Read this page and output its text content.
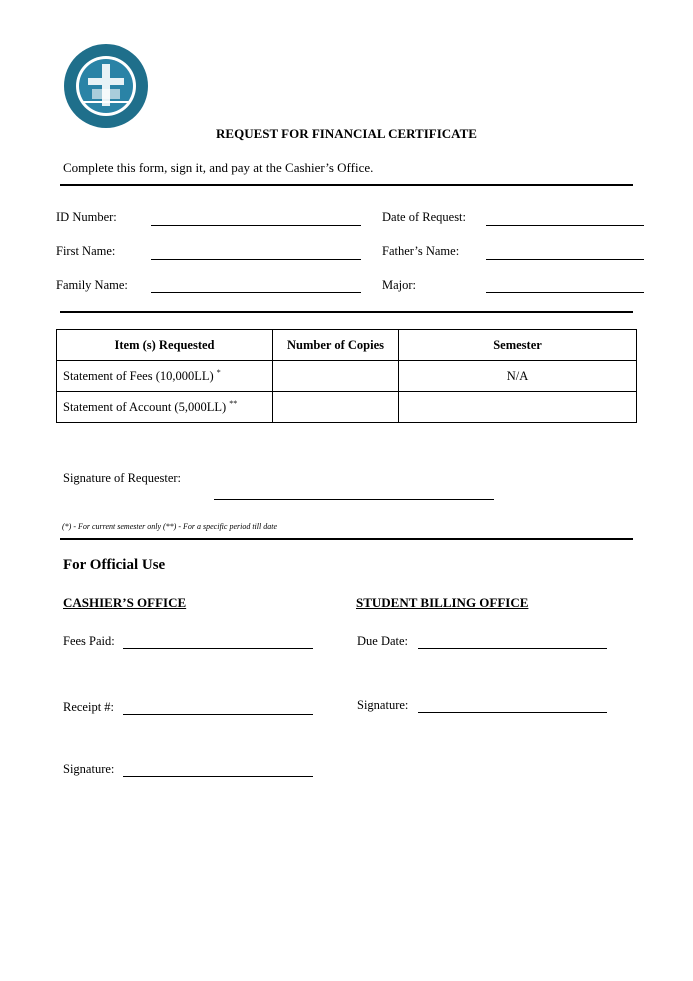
REQUEST FOR FINANCIAL CERTIFICATE
Complete this form, sign it, and pay at the Cashier’s Office.
ID Number:	Date of Request:
First Name:	Father’s Name:
Family Name:	Major:
Item (s) Requested	Number of Copies	Semester
Statement of Fees (10,000LL) *		N/A
Statement of Account (5,000LL) **		
Signature of Requester:
(*) - For current semester only (**) - For a specific period till date
For Official Use
CASHIER’S OFFICE	STUDENT BILLING OFFICE
Fees Paid:	Due Date:
Receipt #:	Signature:
Signature:
